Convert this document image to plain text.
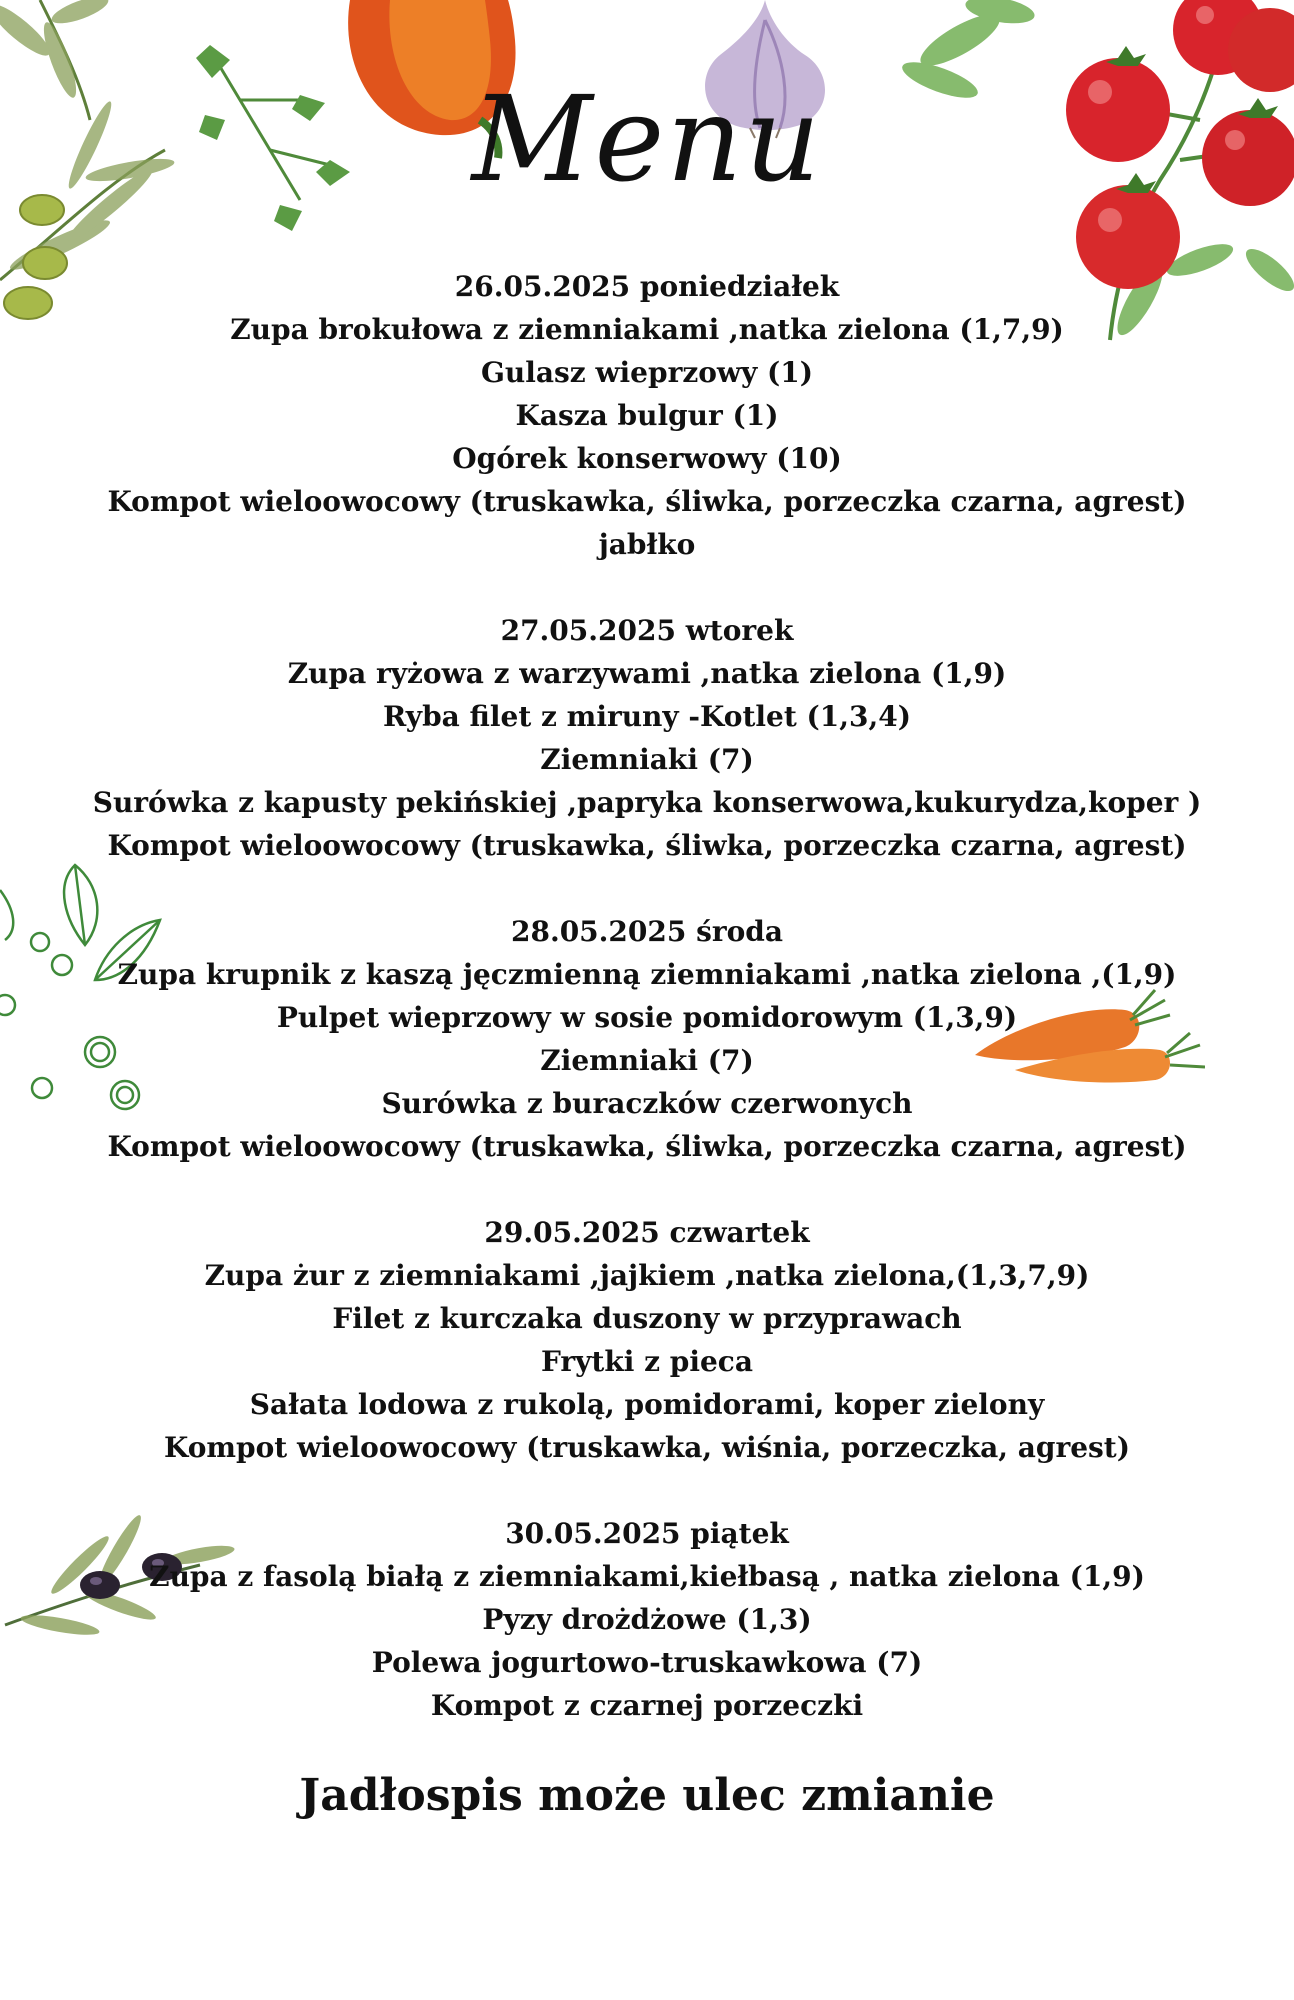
Menu
26.05.2025 poniedziałek
Zupa brokułowa z ziemniakami ,natka zielona (1,7,9)
Gulasz wieprzowy (1)
Kasza bulgur (1)
Ogórek konserwowy (10)
Kompot wieloowocowy (truskawka, śliwka, porzeczka czarna, agrest)
jabłko
27.05.2025 wtorek
Zupa ryżowa z warzywami ,natka zielona (1,9)
Ryba filet z miruny -Kotlet (1,3,4)
Ziemniaki (7)
Surówka z kapusty pekińskiej ,papryka konserwowa,kukurydza,koper )
Kompot wieloowocowy (truskawka, śliwka, porzeczka czarna, agrest)
28.05.2025 środa
Zupa krupnik z kaszą jęczmienną ziemniakami ,natka zielona ,(1,9)
Pulpet wieprzowy w sosie pomidorowym (1,3,9)
Ziemniaki (7)
Surówka z buraczków czerwonych
Kompot wieloowocowy (truskawka, śliwka, porzeczka czarna, agrest)
29.05.2025 czwartek
Zupa żur z ziemniakami ,jajkiem ,natka zielona,(1,3,7,9)
Filet z kurczaka duszony w przyprawach
Frytki z pieca
Sałata lodowa z rukolą, pomidorami, koper zielony
Kompot wieloowocowy (truskawka, wiśnia, porzeczka, agrest)
30.05.2025 piątek
Zupa z fasolą białą z ziemniakami,kiełbasą , natka zielona (1,9)
Pyzy drożdżowe (1,3)
Polewa jogurtowo-truskawkowa (7)
Kompot z czarnej porzeczki
Jadłospis może ulec zmianie
